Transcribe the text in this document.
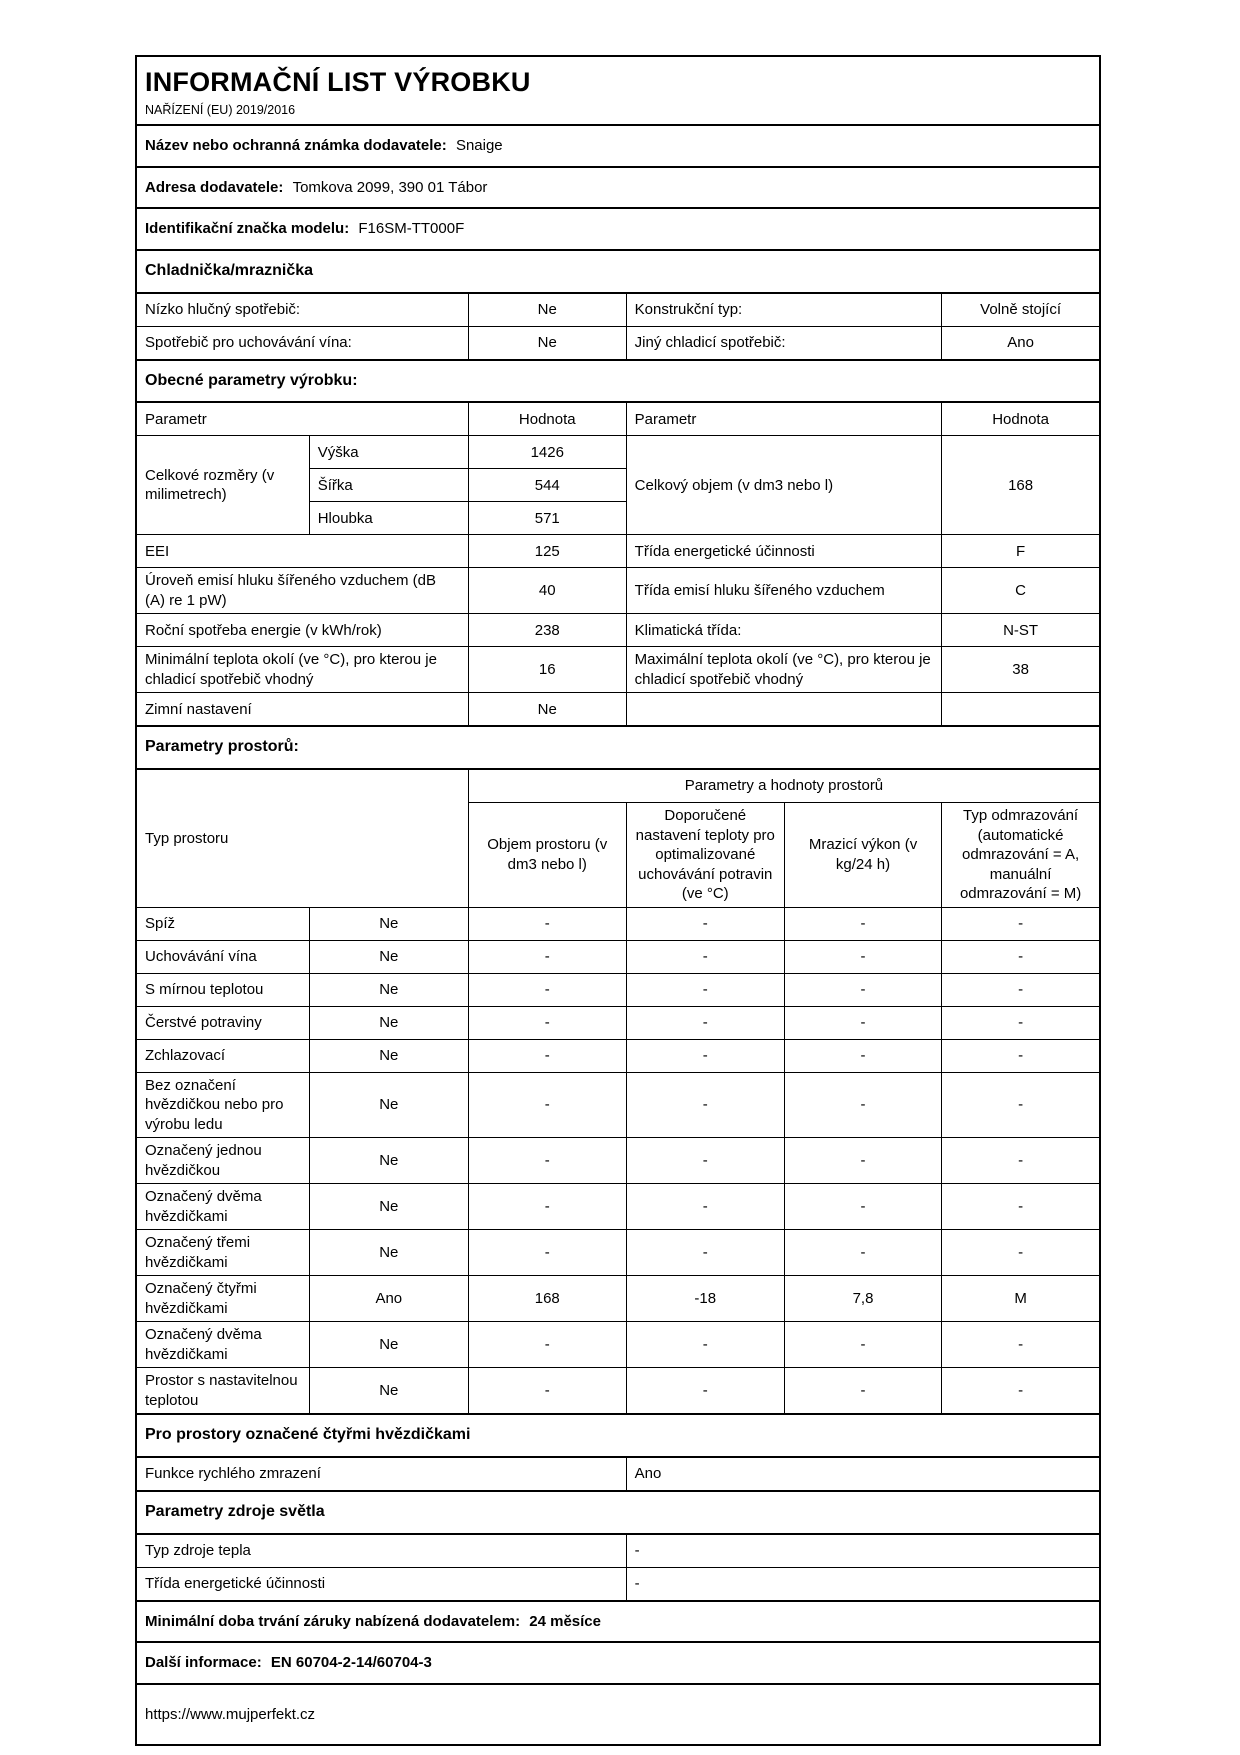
INFORMAČNÍ LIST VÝROBKU
NAŘÍZENÍ (EU) 2019/2016
Název nebo ochranná známka dodavatele: Snaige
Adresa dodavatele: Tomkova 2099, 390 01 Tábor
Identifikační značka modelu: F16SM-TT000F
Chladnička/mraznička
Nízko hlučný spotřebič:	Ne	Konstrukční typ:	Volně stojící
Spotřebič pro uchovávání vína:	Ne	Jiný chladicí spotřebič:	Ano
Obecné parametry výrobku:
Parametr		Hodnota	Parametr	Hodnota
Celkové rozměry (v milimetrech)	Výška	1426	Celkový objem (v dm3 nebo l)	168
	Šířka	544		
	Hloubka	571		
EEI		125	Třída energetické účinnosti	F
Úroveň emisí hluku šířeného vzduchem (dB (A) re 1 pW)		40	Třída emisí hluku šířeného vzduchem	C
Roční spotřeba energie (v kWh/rok)		238	Klimatická třída:	N-ST
Minimální teplota okolí (ve °C), pro kterou je chladicí spotřebič vhodný		16	Maximální teplota okolí (ve °C), pro kterou je chladicí spotřebič vhodný	38
Zimní nastavení		Ne		
Parametry prostorů:
Typ prostoru		Parametry a hodnoty prostorů			
		Objem prostoru (v dm3 nebo l)	Doporučené nastavení teploty pro optimalizované uchovávání potravin (ve °C)	Mrazicí výkon (v kg/24 h)	Typ odmrazování (automatické odmrazování = A, manuální odmrazování = M)
Spíž	Ne	-	-	-	-
Uchovávání vína	Ne	-	-	-	-
S mírnou teplotou	Ne	-	-	-	-
Čerstvé potraviny	Ne	-	-	-	-
Zchlazovací	Ne	-	-	-	-
Bez označení hvězdičkou nebo pro výrobu ledu	Ne	-	-	-	-
Označený jednou hvězdičkou	Ne	-	-	-	-
Označený dvěma hvězdičkami	Ne	-	-	-	-
Označený třemi hvězdičkami	Ne	-	-	-	-
Označený čtyřmi hvězdičkami	Ano	168	-18	7,8	M
Označený dvěma hvězdičkami	Ne	-	-	-	-
Prostor s nastavitelnou teplotou	Ne	-	-	-	-
Pro prostory označené čtyřmi hvězdičkami
Funkce rychlého zmrazení	Ano
Parametry zdroje světla
Typ zdroje tepla	-
Třída energetické účinnosti	-
Minimální doba trvání záruky nabízená dodavatelem: 24 měsíce
Další informace: EN 60704-2-14/60704-3
https://www.mujperfekt.cz
